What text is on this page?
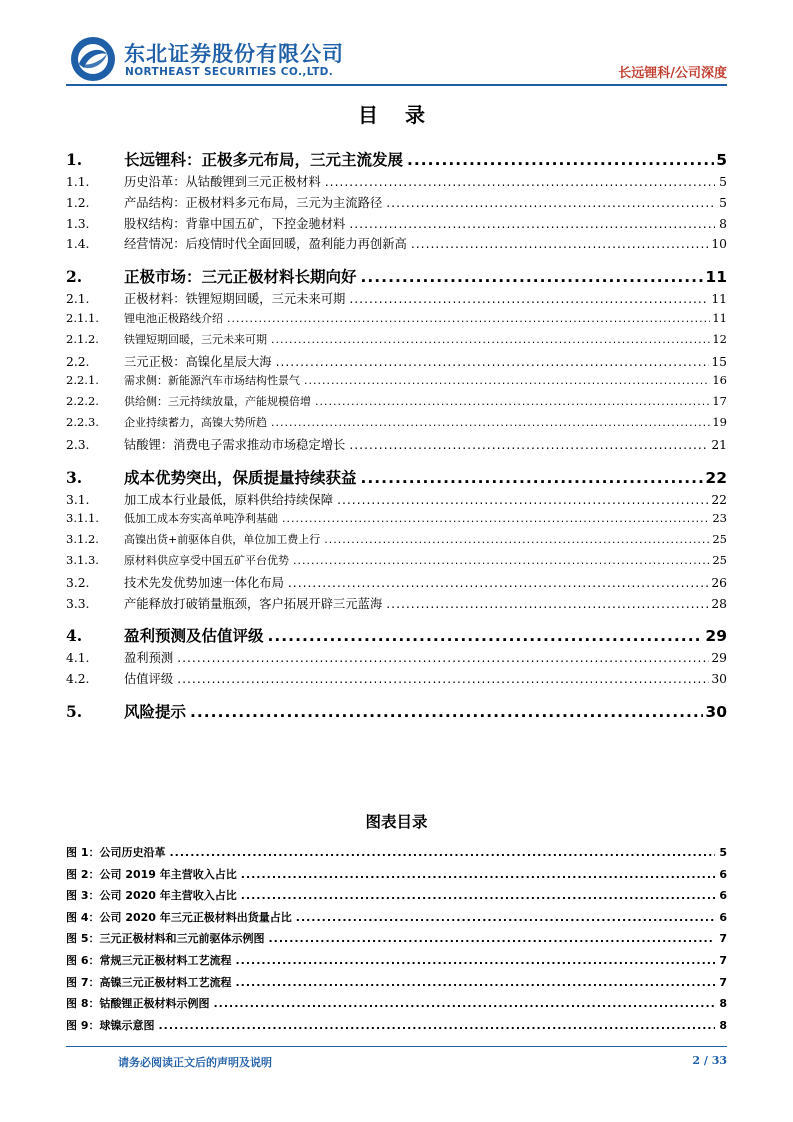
东北证券股份有限公司
NORTHEAST SECURITIES CO.,LTD.	长远锂科/公司深度
目 录
1.	长远锂科：正极多元布局，三元主流发展 .....	5
1.1.	历史沿革：从钴酸锂到三元正极材料 .....	5
1.2.	产品结构：正极材料多元布局，三元为主流路径 .....	5
1.3.	股权结构：背靠中国五矿，下控金驰材料 .....	8
1.4.	经营情况：后疫情时代全面回暖，盈利能力再创新高 .....	10
2.	正极市场：三元正极材料长期向好 .....	11
2.1.	正极材料：铁锂短期回暖，三元未来可期 .....	11
2.1.1.	锂电池正极路线介绍 .....	11
2.1.2.	铁锂短期回暖，三元未来可期 .....	12
2.2.	三元正极：高镍化星辰大海 .....	15
2.2.1.	需求侧：新能源汽车市场结构性景气 .....	16
2.2.2.	供给侧：三元持续放量，产能规模倍增 .....	17
2.2.3.	企业持续蓄力，高镍大势所趋 .....	19
2.3.	钴酸锂：消费电子需求推动市场稳定增长 .....	21
3.	成本优势突出，保质提量持续获益 .....	22
3.1.	加工成本行业最低，原料供给持续保障 .....	22
3.1.1.	低加工成本夯实高单吨净利基础 .....	23
3.1.2.	高镍出货+前驱体自供，单位加工费上行 .....	25
3.1.3.	原材料供应享受中国五矿平台优势 .....	25
3.2.	技术先发优势加速一体化布局 .....	26
3.3.	产能释放打破销量瓶颈，客户拓展开辟三元蓝海 .....	28
4.	盈利预测及估值评级 .....	29
4.1.	盈利预测 .....	29
4.2.	估值评级 .....	30
5.	风险提示 .....	30
图表目录
图 1：公司历史沿革 .....	5
图 2：公司 2019 年主营收入占比 .....	6
图 3：公司 2020 年主营收入占比 .....	6
图 4：公司 2020 年三元正极材料出货量占比 .....	6
图 5：三元正极材料和三元前驱体示例图 .....	7
图 6：常规三元正极材料工艺流程 .....	7
图 7：高镍三元正极材料工艺流程 .....	7
图 8：钴酸锂正极材料示例图 .....	8
图 9：球镍示意图 .....	8
请务必阅读正文后的声明及说明	2 / 33
